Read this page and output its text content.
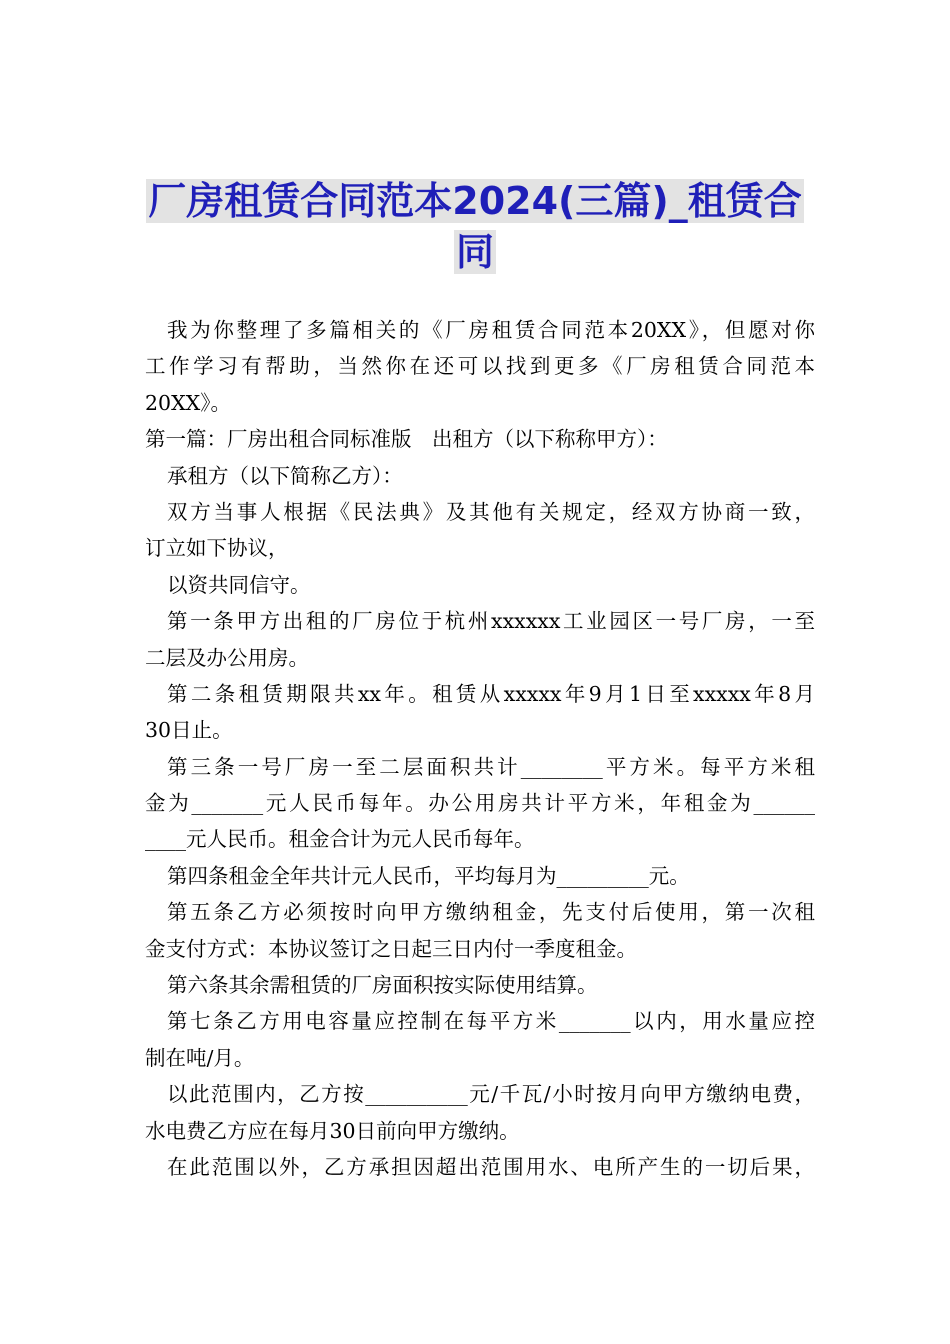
厂房租赁合同范本2024(三篇)_租赁合
同
我为你整理了多篇相关的《厂房租赁合同范本20XX》，但愿对你
工作学习有帮助，当然你在还可以找到更多《厂房租赁合同范本
20XX》。
第一篇：厂房出租合同标准版　出租方（以下称称甲方）：
承租方（以下简称乙方）：
双方当事人根据《民法典》及其他有关规定，经双方协商一致，
订立如下协议，
以资共同信守。
第一条甲方出租的厂房位于杭州xxxxxx工业园区一号厂房，一至
二层及办公用房。
第二条租赁期限共xx年。租赁从xxxxx年9月1日至xxxxx年8月
30日止。
第三条一号厂房一至二层面积共计________平方米。每平方米租
金为_______元人民币每年。办公用房共计平方米，年租金为______
____元人民币。租金合计为元人民币每年。
第四条租金全年共计元人民币，平均每月为_________元。
第五条乙方必须按时向甲方缴纳租金，先支付后使用，第一次租
金支付方式：本协议签订之日起三日内付一季度租金。
第六条其余需租赁的厂房面积按实际使用结算。
第七条乙方用电容量应控制在每平方米_______以内，用水量应控
制在吨/月。
以此范围内，乙方按__________元/千瓦/小时按月向甲方缴纳电费，
水电费乙方应在每月30日前向甲方缴纳。
在此范围以外，乙方承担因超出范围用水、电所产生的一切后果，
